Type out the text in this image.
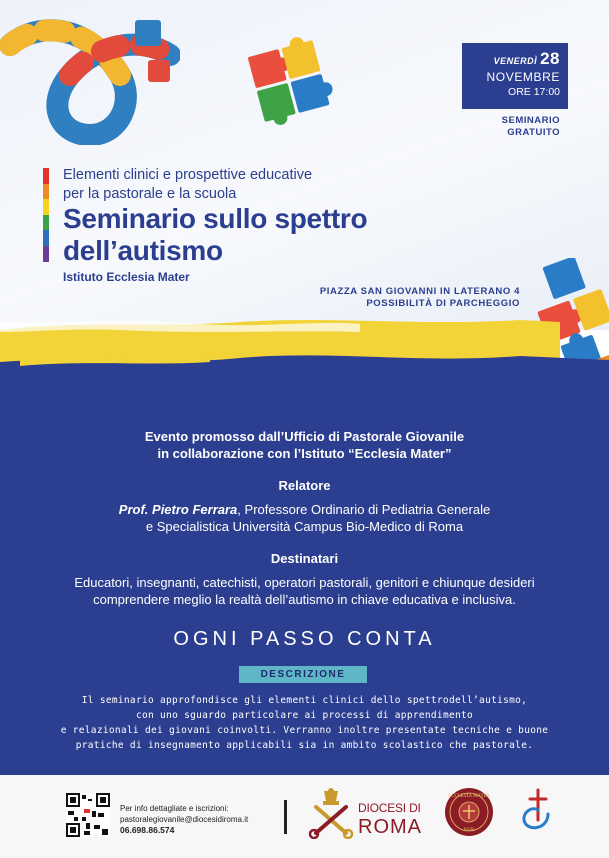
VENERDÌ 28
NOVEMBRE
ORE 17:00
SEMINARIO
GRATUITO
Elementi clinici e prospettive educative
per la pastorale e la scuola
Seminario sullo spettro
dell’autismo
Istituto Ecclesia Mater
PIAZZA SAN GIOVANNI IN LATERANO 4
POSSIBILITÀ DI PARCHEGGIO
Evento promosso dall’Ufficio di Pastorale Giovanile
in collaborazione con l’Istituto “Ecclesia Mater”
Relatore
Prof. Pietro Ferrara, Professore Ordinario di Pediatria Generale
e Specialistica Università Campus Bio-Medico di Roma
Destinatari
Educatori, insegnanti, catechisti, operatori pastorali, genitori e chiunque desideri
comprendere meglio la realtà dell’autismo in chiave educativa e inclusiva.
OGNI PASSO CONTA
DESCRIZIONE
Il seminario approfondisce gli elementi clinici dello spettrodell’autismo,
con uno sguardo particolare ai processi di apprendimento
e relazionali dei giovani coinvolti. Verranno inoltre presentate tecniche e buone
pratiche di insegnamento applicabili sia in ambito scolastico che pastorale.
Per info dettagliate e iscrizioni:
pastoralegiovanile@diocesidiroma.it
06.698.86.574
DIOCESI DI
ROMA
ECCLESIA MATER
ISSR
